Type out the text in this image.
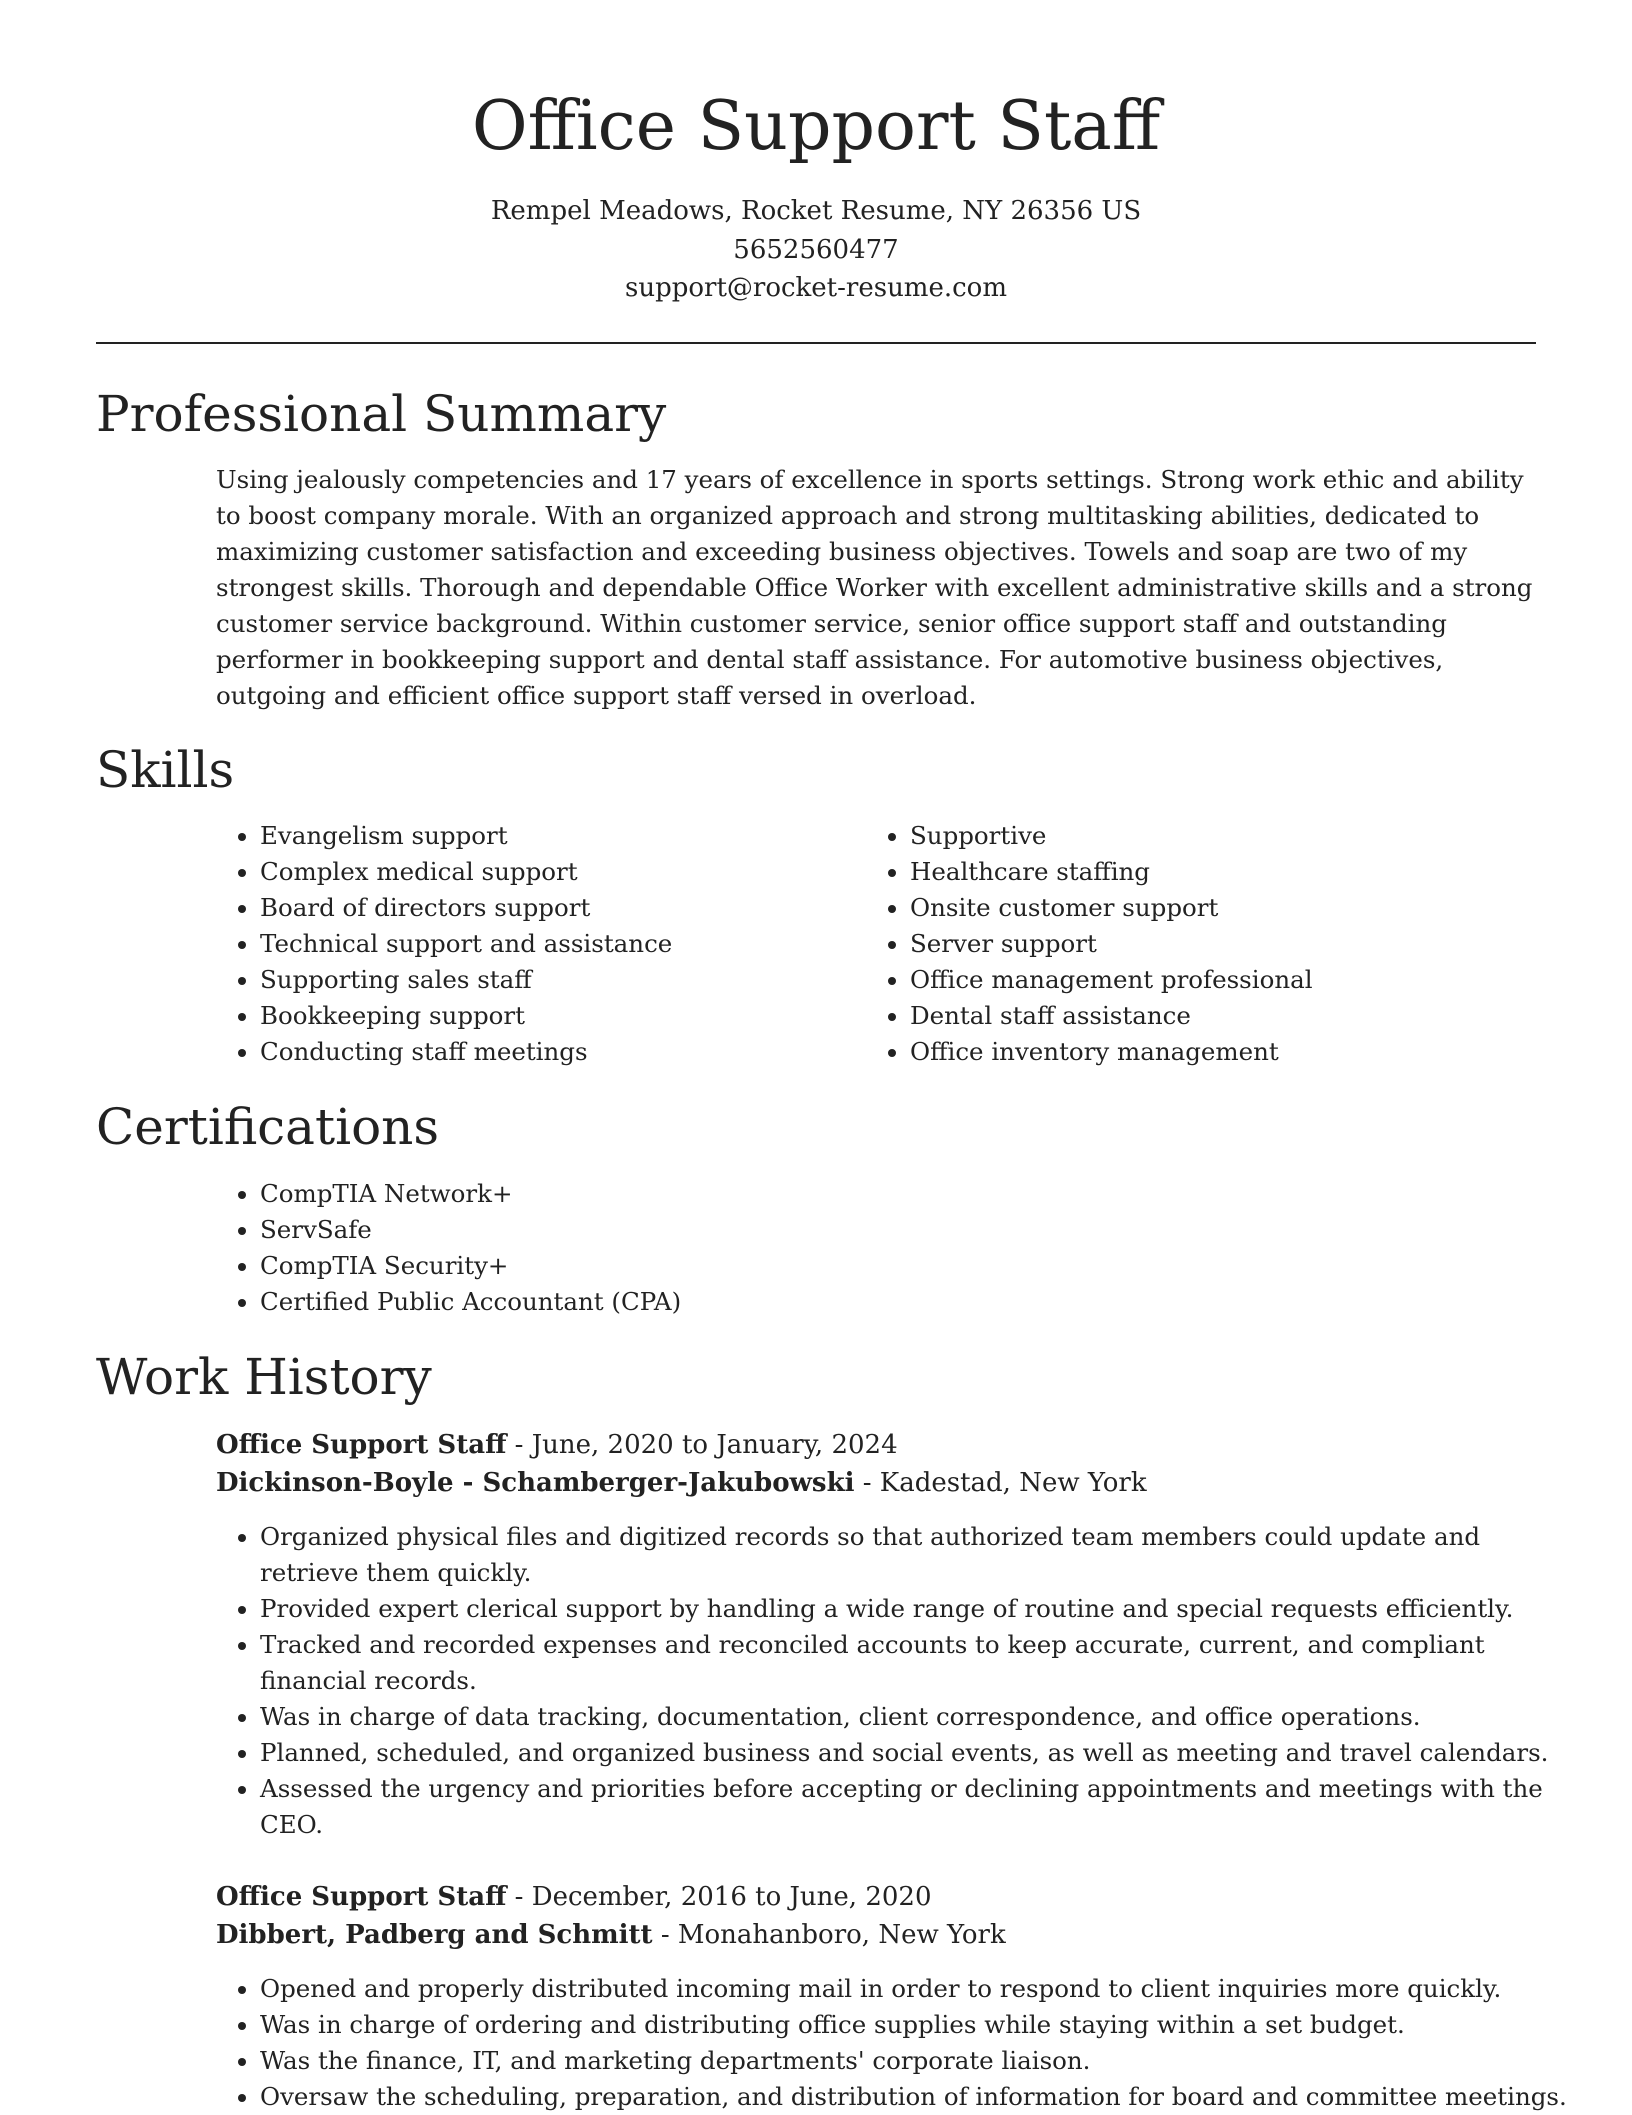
Office Support Staff
Rempel Meadows, Rocket Resume, NY 26356 US
5652560477
support@rocket-resume.com
Professional Summary

Using jealously competencies and 17 years of excellence in sports settings. Strong work ethic and ability to boost company morale. With an organized approach and strong multitasking abilities, dedicated to maximizing customer satisfaction and exceeding business objectives. Towels and soap are two of my strongest skills. Thorough and dependable Office Worker with excellent administrative skills and a strong customer service background. Within customer service, senior office support staff and outstanding performer in bookkeeping support and dental staff assistance. For automotive business objectives, outgoing and efficient office support staff versed in overload.

Skills
• Evangelism support
• Complex medical support
• Board of directors support
• Technical support and assistance
• Supporting sales staff
• Bookkeeping support
• Conducting staff meetings
• Supportive
• Healthcare staffing
• Onsite customer support
• Server support
• Office management professional
• Dental staff assistance
• Office inventory management
Certifications
• CompTIA Network+
• ServSafe
• CompTIA Security+
• Certified Public Accountant (CPA)
Work History
Office Support Staff - June, 2020 to January, 2024
Dickinson-Boyle - Schamberger-Jakubowski - Kadestad, New York
• Organized physical files and digitized records so that authorized team members could update and retrieve them quickly.
• Provided expert clerical support by handling a wide range of routine and special requests efficiently.
• Tracked and recorded expenses and reconciled accounts to keep accurate, current, and compliant financial records.
• Was in charge of data tracking, documentation, client correspondence, and office operations.
• Planned, scheduled, and organized business and social events, as well as meeting and travel calendars.
• Assessed the urgency and priorities before accepting or declining appointments and meetings with the CEO.
Office Support Staff - December, 2016 to June, 2020
Dibbert, Padberg and Schmitt - Monahanboro, New York
• Opened and properly distributed incoming mail in order to respond to client inquiries more quickly.
• Was in charge of ordering and distributing office supplies while staying within a set budget.
• Was the finance, IT, and marketing departments' corporate liaison.
• Oversaw the scheduling, preparation, and distribution of information for board and committee meetings.
